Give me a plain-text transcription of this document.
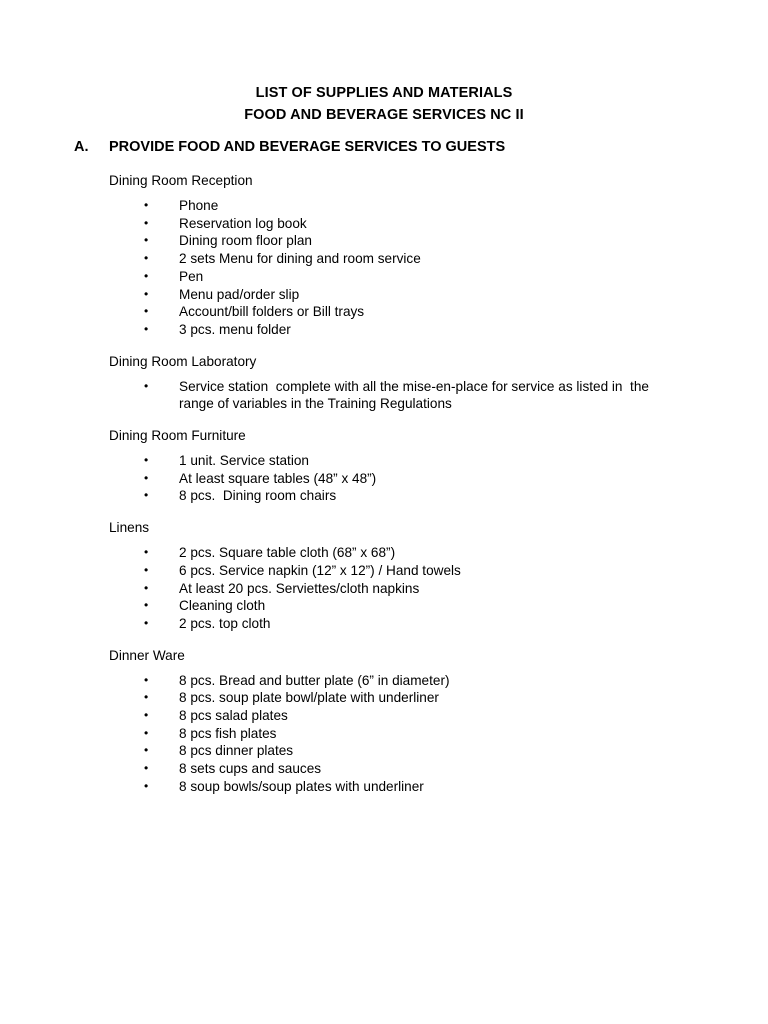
LIST OF SUPPLIES AND MATERIALS
FOOD AND BEVERAGE SERVICES NC II
A. PROVIDE FOOD AND BEVERAGE SERVICES TO GUESTS
Dining Room Reception
• Phone
• Reservation log book
• Dining room floor plan
• 2 sets Menu for dining and room service
• Pen
• Menu pad/order slip
• Account/bill folders or Bill trays
• 3 pcs. menu folder
Dining Room Laboratory
• Service station  complete with all the mise-en-place for service as listed in  the range of variables in the Training Regulations
Dining Room Furniture
• 1 unit. Service station
• At least square tables (48” x 48”)
• 8 pcs.  Dining room chairs
Linens
• 2 pcs. Square table cloth (68” x 68”)
• 6 pcs. Service napkin (12” x 12”) / Hand towels
• At least 20 pcs. Serviettes/cloth napkins
• Cleaning cloth
• 2 pcs. top cloth
Dinner Ware
• 8 pcs. Bread and butter plate (6” in diameter)
• 8 pcs. soup plate bowl/plate with underliner
• 8 pcs salad plates
• 8 pcs fish plates
• 8 pcs dinner plates
• 8 sets cups and sauces
• 8 soup bowls/soup plates with underliner
